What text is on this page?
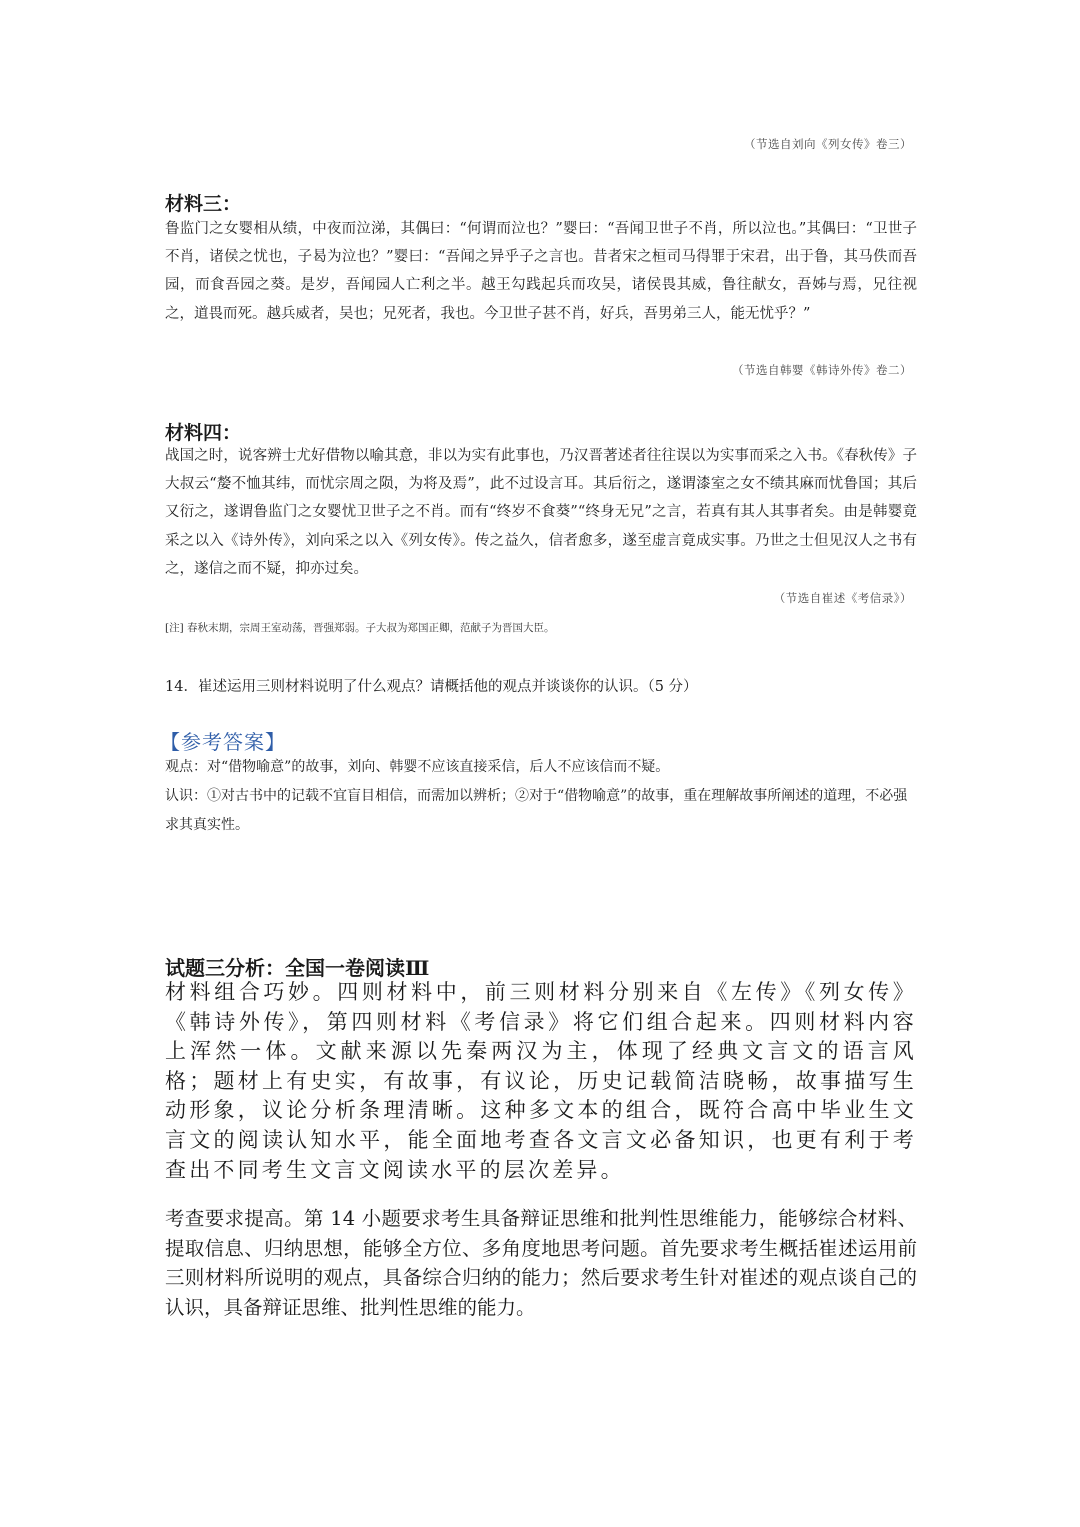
（节选自刘向《列女传》卷三）
材料三：

鲁监门之女婴相从绩，中夜而泣涕，其偶曰：“何谓而泣也？”婴曰：“吾闻卫世子不肖，所以泣也。”其偶曰：“卫世子不肖，诸侯之忧也，子曷为泣也？”婴曰：“吾闻之异乎子之言也。昔者宋之桓司马得罪于宋君，出于鲁，其马佚而吾园，而食吾园之葵。是岁，吾闻园人亡利之半。越王勾践起兵而攻吴，诸侯畏其威，鲁往献女，吾姊与焉，兄往视之，道畏而死。越兵威者，吴也；兄死者，我也。今卫世子甚不肖，好兵，吾男弟三人，能无忧乎？”

（节选自韩婴《韩诗外传》卷二）
材料四：

战国之时，说客辨士尤好借物以喻其意，非以为实有此事也，乃汉晋著述者往往误以为实事而采之入书。《春秋传》子大叔云“嫠不恤其纬，而忧宗周之陨，为将及焉”，此不过设言耳。其后衍之，遂谓漆室之女不绩其麻而忧鲁国；其后又衍之，遂谓鲁监门之女婴忧卫世子之不肖。而有“终岁不食葵”“终身无兄”之言，若真有其人其事者矣。由是韩婴竟采之以入《诗外传》，刘向采之以入《列女传》。传之益久，信者愈多，遂至虚言竟成实事。乃世之士但见汉人之书有之，遂信之而不疑，抑亦过矣。

（节选自崔述《考信录》）
[注] 春秋末期，宗周王室动荡，晋强郑弱。子大叔为郑国正卿，范献子为晋国大臣。
14．崔述运用三则材料说明了什么观点？请概括他的观点并谈谈你的认识。（5 分）
【参考答案】

观点：对“借物喻意”的故事，刘向、韩婴不应该直接采信，后人不应该信而不疑。

认识：①对古书中的记载不宜盲目相信，而需加以辨析；②对于“借物喻意”的故事，重在理解故事所阐述的道理，不必强求其真实性。

试题三分析：全国一卷阅读Ⅲ

材料组合巧妙。四则材料中，前三则材料分别来自《左传》《列女传》《韩诗外传》，第四则材料《考信录》将它们组合起来。四则材料内容上浑然一体。文献来源以先秦两汉为主，体现了经典文言文的语言风格；题材上有史实，有故事，有议论，历史记载简洁晓畅，故事描写生动形象，议论分析条理清晰。这种多文本的组合，既符合高中毕业生文言文的阅读认知水平，能全面地考查各文言文必备知识，也更有利于考查出不同考生文言文阅读水平的层次差异。

考查要求提高。第 14 小题要求考生具备辩证思维和批判性思维能力，能够综合材料、提取信息、归纳思想，能够全方位、多角度地思考问题。首先要求考生概括崔述运用前三则材料所说明的观点，具备综合归纳的能力；然后要求考生针对崔述的观点谈自己的认识，具备辩证思维、批判性思维的能力。
